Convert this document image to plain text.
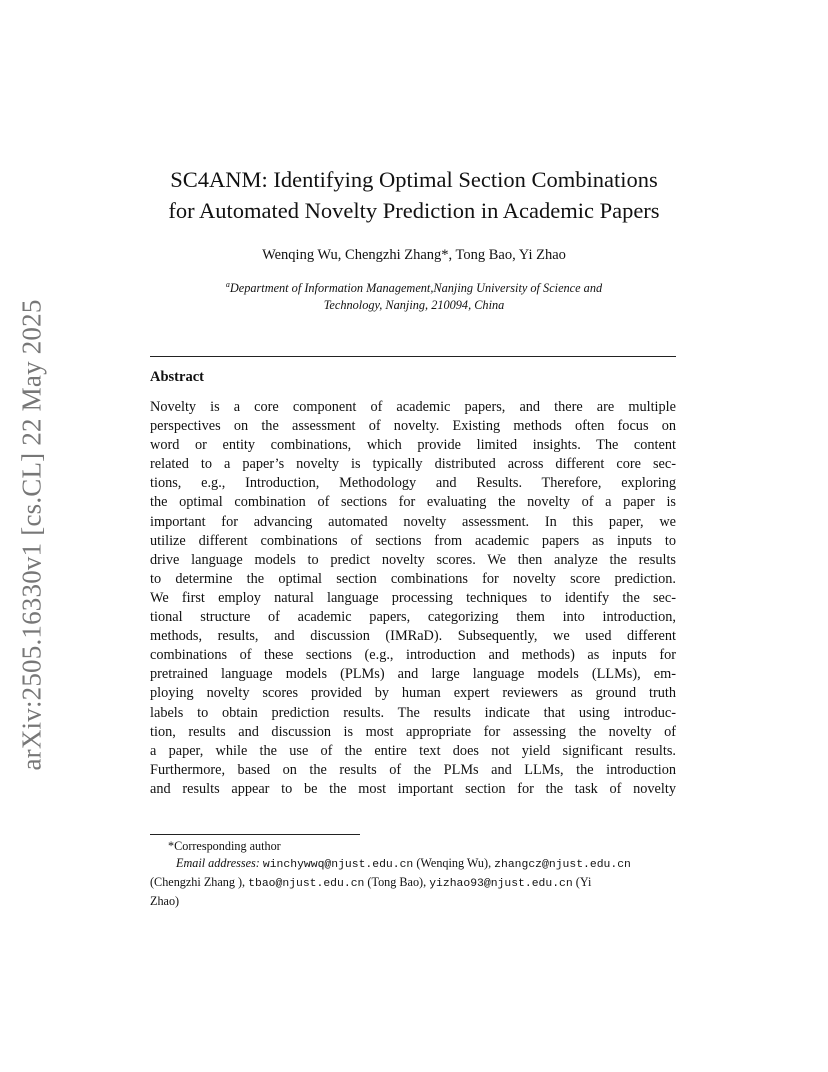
arXiv:2505.16330v1 [cs.CL] 22 May 2025
SC4ANM: Identifying Optimal Section Combinations
for Automated Novelty Prediction in Academic Papers
Wenqing Wu, Chengzhi Zhang*, Tong Bao, Yi Zhao
$^a$Department of Information Management,Nanjing University of Science and
Technology, Nanjing, 210094, China
Abstract
Novelty is a core component of academic papers, and there are multiple
perspectives on the assessment of novelty. Existing methods often focus on
word or entity combinations, which provide limited insights. The content
related to a paper’s novelty is typically distributed across different core sec-
tions, e.g., Introduction, Methodology and Results. Therefore, exploring
the optimal combination of sections for evaluating the novelty of a paper is
important for advancing automated novelty assessment. In this paper, we
utilize different combinations of sections from academic papers as inputs to
drive language models to predict novelty scores. We then analyze the results
to determine the optimal section combinations for novelty score prediction.
We first employ natural language processing techniques to identify the sec-
tional structure of academic papers, categorizing them into introduction,
methods, results, and discussion (IMRaD). Subsequently, we used different
combinations of these sections (e.g., introduction and methods) as inputs for
pretrained language models (PLMs) and large language models (LLMs), em-
ploying novelty scores provided by human expert reviewers as ground truth
labels to obtain prediction results. The results indicate that using introduc-
tion, results and discussion is most appropriate for assessing the novelty of
a paper, while the use of the entire text does not yield significant results.
Furthermore, based on the results of the PLMs and LLMs, the introduction
and results appear to be the most important section for the task of novelty
*Corresponding author
Email addresses: winchywwq@njust.edu.cn (Wenqing Wu), zhangcz@njust.edu.cn
(Chengzhi Zhang ), tbao@njust.edu.cn (Tong Bao), yizhao93@njust.edu.cn (Yi
Zhao)
